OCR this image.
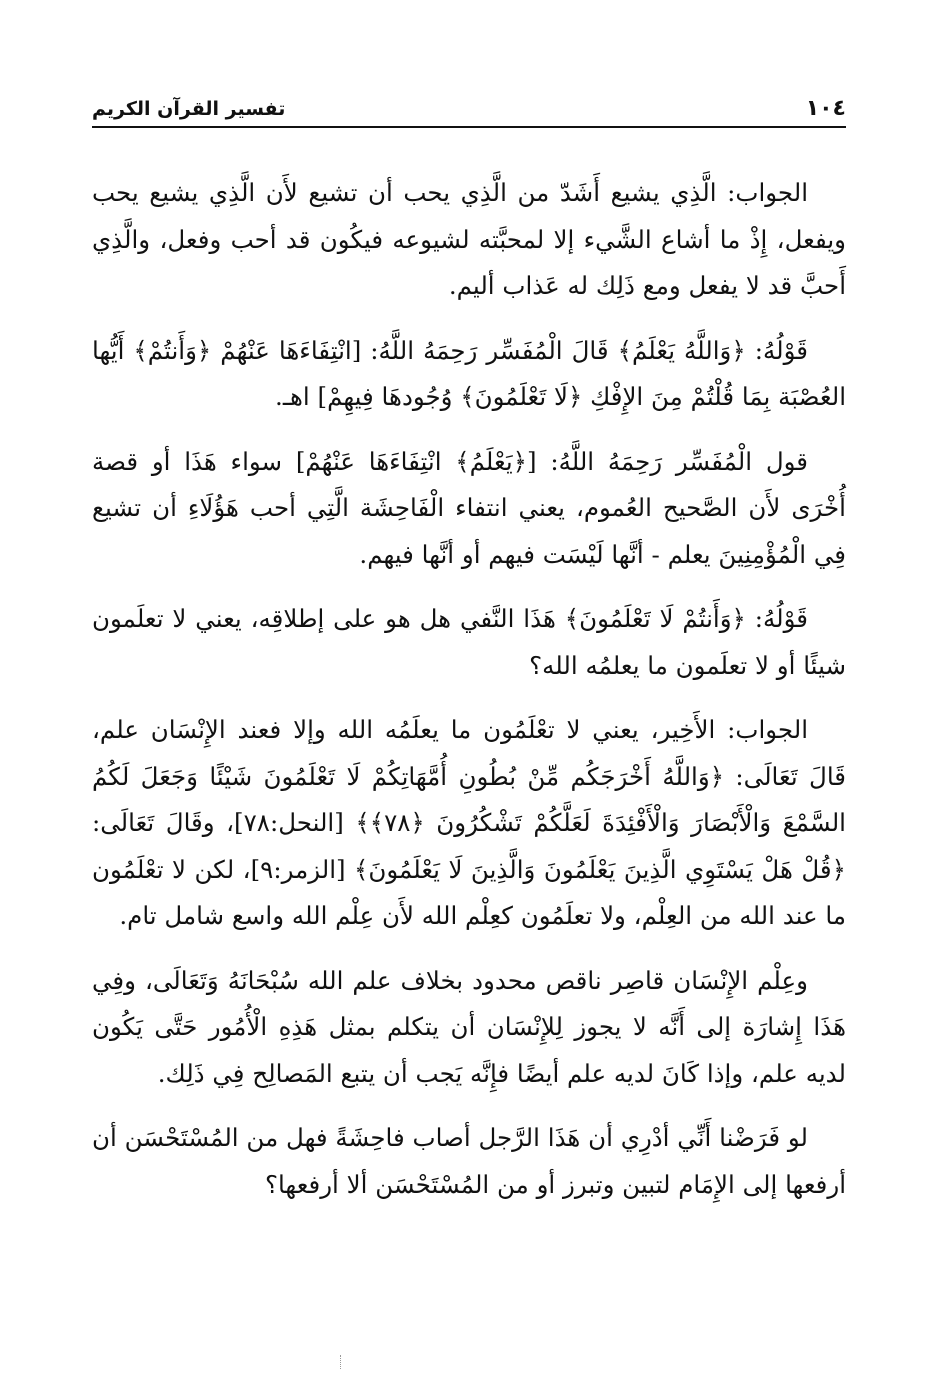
١٠٤
تفسير القرآن الكريم

الجواب: الَّذِي يشيع أَشَدّ من الَّذِي يحب أن تشيع لأَن الَّذِي يشيع يحب ويفعل، إِذْ ما أشاع الشَّيء إلا لمحبَّته لشيوعه فيكُون قد أحب وفعل، والَّذِي أَحبَّ قد لا يفعل ومع ذَلِك له عَذاب أليم.

قَوْلُهُ: ﴿وَاللَّهُ يَعْلَمُ﴾ قَالَ الْمُفَسِّر رَحِمَهُ اللَّهُ: [انْتِفَاءَهَا عَنْهُمْ ﴿وَأَنتُمْ﴾ أَيُّها العُصْبَة بِمَا قُلْتُمْ مِنَ الإِفْكِ ﴿لَا تَعْلَمُونَ﴾ وُجُودهَا فِيهِمْ] اهـ.

قول الْمُفَسِّر رَحِمَهُ اللَّهُ: [﴿يَعْلَمُ﴾ انْتِفَاءَهَا عَنْهُمْ] سواء هَذَا أو قصة أُخْرَى لأَن الصَّحيح العُموم، يعني انتفاء الْفَاحِشَة الَّتِي أحب هَؤُلَاءِ أن تشيع فِي الْمُؤْمِنِينَ يعلم - أنَّها لَيْسَت فيهم أو أنَّها فيهم.

قَوْلُهُ: ﴿وَأَنتُمْ لَا تَعْلَمُونَ﴾ هَذَا النَّفي هل هو على إطلاقِه، يعني لا تعلَمون شيئًا أو لا تعلَمون ما يعلمُه الله؟

الجواب: الأَخِير، يعني لا تعْلَمُون ما يعلَمُه الله وإلا فعند الإِنْسَان علم، قَالَ تَعَالَى: ﴿وَاللَّهُ أَخْرَجَكُم مِّنْ بُطُونِ أُمَّهَاتِكُمْ لَا تَعْلَمُونَ شَيْئًا وَجَعَلَ لَكُمُ السَّمْعَ وَالْأَبْصَارَ وَالْأَفْئِدَةَ لَعَلَّكُمْ تَشْكُرُونَ ﴿٧٨﴾﴾ [النحل:٧٨]، وقَالَ تَعَالَى: ﴿قُلْ هَلْ يَسْتَوِي الَّذِينَ يَعْلَمُونَ وَالَّذِينَ لَا يَعْلَمُونَ﴾ [الزمر:٩]، لكن لا تعْلَمُون ما عند الله من العِلْم، ولا تعلَمُون كعِلْم الله لأَن عِلْم الله واسع شامل تام.

وعِلْم الإِنْسَان قاصِر ناقص محدود بخلاف علم الله سُبْحَانَهُ وَتَعَالَى، وفِي هَذَا إِشارَة إلى أَنَّه لا يجوز لِلإِنْسَان أن يتكلم بمثل هَذِهِ الْأُمُور حَتَّى يَكُون لديه علم، وإذا كَانَ لديه علم أيضًا فإِنَّه يَجب أن يتبع المَصالِح فِي ذَلِك.

لو فَرَضْنا أَنِّي أدْرِي أن هَذَا الرَّجل أصاب فاحِشَةً فهل من المُسْتَحْسَن أن أرفعها إلى الإِمَام لتبين وتبرز أو من المُسْتَحْسَن ألا أرفعها؟
